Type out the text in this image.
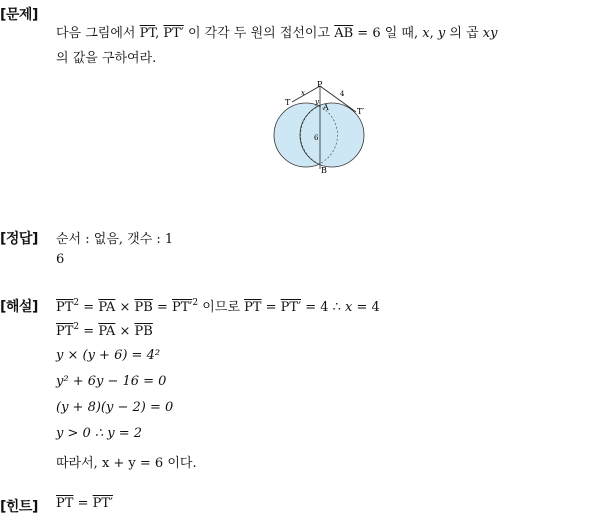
[문제]
다음 그림에서 $\overline{PT}$, PT′ 이 각각 두 원의 접선이고 $\overline{AB} = 6$ 일 때, x, y 의 곱 xy
의 값을 구하여라.
P
T
T′
A
B
x
y
4
6
[정답] 순서 : 없음, 갯수 : 1
6
[해설] $\overline{PT}^2 = \overline{PA} \times \overline{PB} = PT'^2$ 이므로 $\overline{PT} = PT' = 4$ ∴ x = 4
$\overline{PT}^2 = \overline{PA} \times \overline{PB}$
y × (y + 6) = 4²
y² + 6y − 16 = 0
(y + 8)(y − 2) = 0
y > 0 ∴ y = 2
따라서, x + y = 6 이다.
[힌트] $\overline{PT} = PT'$
